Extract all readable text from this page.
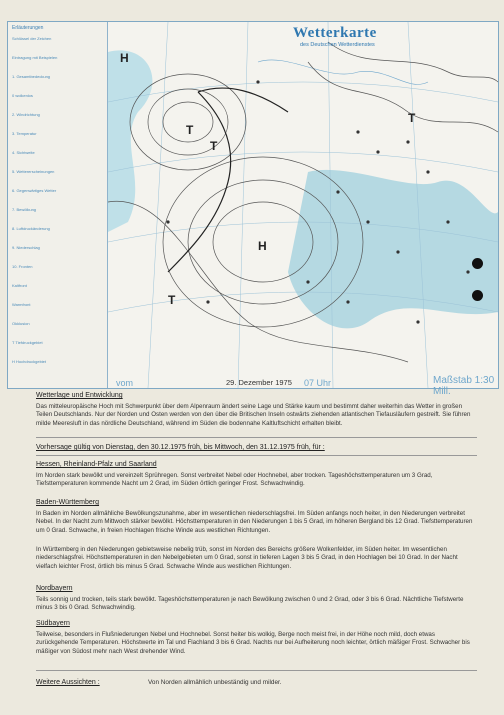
Erläuterungen
Schlüssel der Zeichen
Eintragung mit Beispielen
1. Gesamtbedeckung
0 wolkenlos
2. Windrichtung
3. Temperatur
4. Sichtweite
5. Wettererscheinungen
6. Gegenwärtiges Wetter
7. Bewölkung
8. Luftdruckänderung
9. Niederschlag
10. Fronten
Kaltfront
Warmfront
Okklusion
T Tiefdruckgebiet
H Hochdruckgebiet
T
T
H
H
T
T
Wetterkarte
des Deutschen Wetterdienstes
vom	29. Dezember 1975 07 Uhr	Maßstab 1:30 Mill.
Wetterlage und Entwicklung
Das mitteleuropäische Hoch mit Schwerpunkt über dem Alpenraum ändert seine Lage und Stärke kaum und bestimmt daher weiterhin das Wetter in großen Teilen Deutschlands. Nur der Norden und Osten werden von den über die Britischen Inseln ostwärts ziehenden atlantischen Tiefausläufern gestreift. Sie führen milde Meeresluft in das nördliche Deutschland, während im Süden die bodennahe Kaltluftschicht erhalten bleibt.
Vorhersage gültig von Dienstag, den 30.12.1975 früh, bis Mittwoch, den 31.12.1975 früh, für :
Hessen, Rheinland-Pfalz und Saarland
Im Norden stark bewölkt und vereinzelt Sprühregen. Sonst verbreitet Nebel oder Hochnebel, aber trocken. Tageshöchsttemperaturen um 3 Grad, Tiefsttemperaturen kommende Nacht um 2 Grad, im Süden örtlich geringer Frost. Schwachwindig.
Baden-Württemberg
In Baden im Norden allmähliche Bewölkungszunahme, aber im wesentlichen niederschlagsfrei. Im Süden anfangs noch heiter, in den Niederungen verbreitet Nebel. In der Nacht zum Mittwoch stärker bewölkt. Höchsttemperaturen in den Niederungen 1 bis 5 Grad, im höheren Bergland bis 12 Grad. Tiefsttemperaturen um 0 Grad. Schwache, in freien Hochlagen frische Winde aus westlichen Richtungen.
In Württemberg in den Niederungen gebietsweise nebelig trüb, sonst im Norden des Bereichs größere Wolkenfelder, im Süden heiter. Im wesentlichen niederschlagsfrei. Höchsttemperaturen in den Nebelgebieten um 0 Grad, sonst in tieferen Lagen 3 bis 5 Grad, in den Hochlagen bei 10 Grad. In der Nacht vielfach leichter Frost, örtlich bis minus 5 Grad. Schwache Winde aus westlichen Richtungen.
Nordbayern
Teils sonnig und trocken, teils stark bewölkt. Tageshöchsttemperaturen je nach Bewölkung zwischen 0 und 2 Grad, oder 3 bis 6 Grad. Nächtliche Tiefstwerte minus 3 bis 0 Grad. Schwachwindig.
Südbayern
Teilweise, besonders in Flußniederungen Nebel und Hochnebel. Sonst heiter bis wolkig, Berge noch meist frei, in der Höhe noch mild, doch etwas zurückgehende Temperaturen. Höchstwerte im Tal und Flachland 3 bis 6 Grad. Nachts nur bei Aufheiterung noch leichter, örtlich mäßiger Frost. Schwacher bis mäßiger von Südost mehr nach West drehender Wind.
Weitere Aussichten :	Von Norden allmählich unbeständig und milder.
